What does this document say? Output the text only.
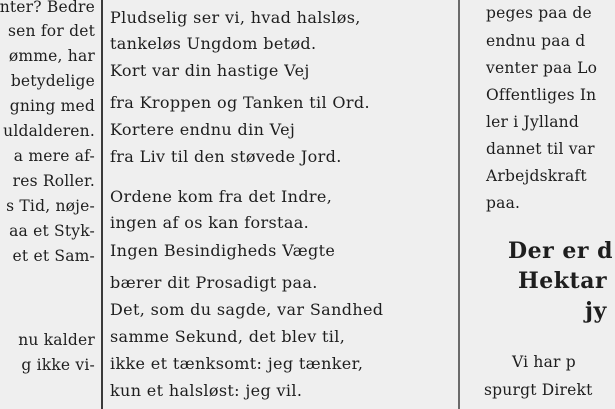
nter? Bedre
sen for det
ømme, har
betydelige
gning med
uldalderen.
a mere af-
res Roller.
s Tid, nøje-
aa et Styk-
et et Sam-
nu kalder
g ikke vi-
Pludselig ser vi, hvad halsløs,
tankeløs Ungdom betød.
Kort var din hastige Vej
fra Kroppen og Tanken til Ord.
Kortere endnu din Vej
fra Liv til den støvede Jord.
Ordene kom fra det Indre,
ingen af os kan forstaa.
Ingen Besindigheds Vægte
bærer dit Prosadigt paa.
Det, som du sagde, var Sandhed
samme Sekund, det blev til,
ikke et tænksomt: jeg tænker,
kun et halsløst: jeg vil.
peges paa de
endnu paa d
venter paa Lo
Offentliges In
ler i Jylland
dannet til var
Arbejdskraft
paa.
Der er d
Hektar
jy
Vi har p
spurgt Direkt
